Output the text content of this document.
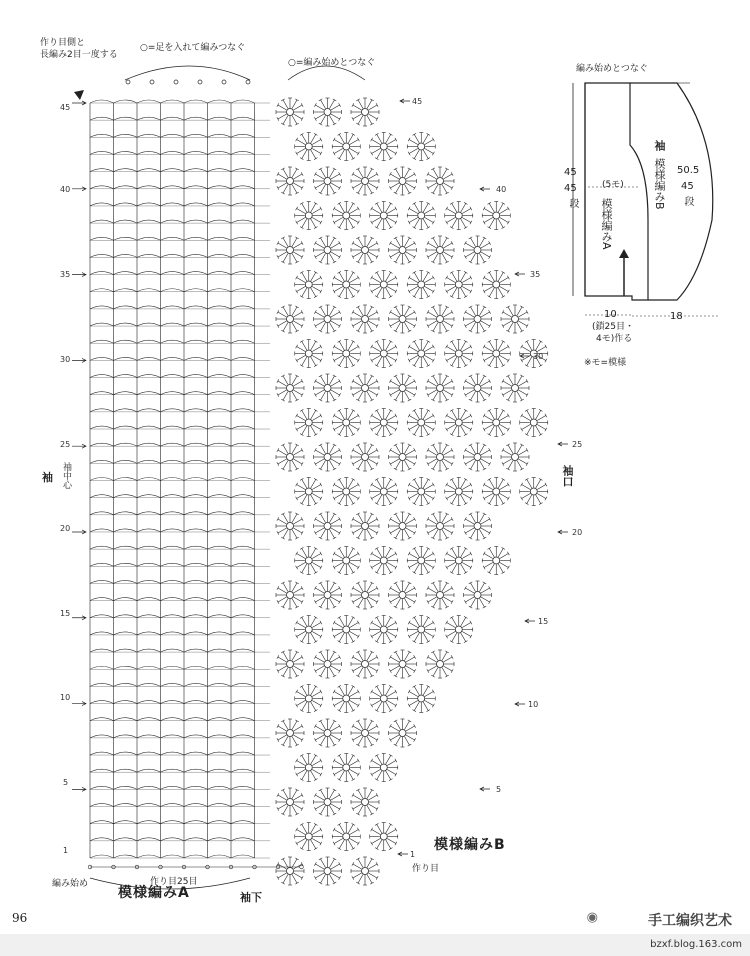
作り目側と
長編み2目一度する
○=足を入れて編みつなぐ
○=編み始めとつなぐ
45
40
35
30
25
20
15
10
5
1
45
40
35
30
25
20
15
10
5
1
袖中心
袖	袖口
編み始め	作り目25目
模様編みA	袖下
模様編みB
作り目
編み始めとつなぐ
45
45
段
(5モ)
袖
模様編みB
模様編みA
50.5
45
段
10	18
(鎖25目・
4モ)作る
※モ=模様
96	◉	手工编织艺术
bzxf.blog.163.com
